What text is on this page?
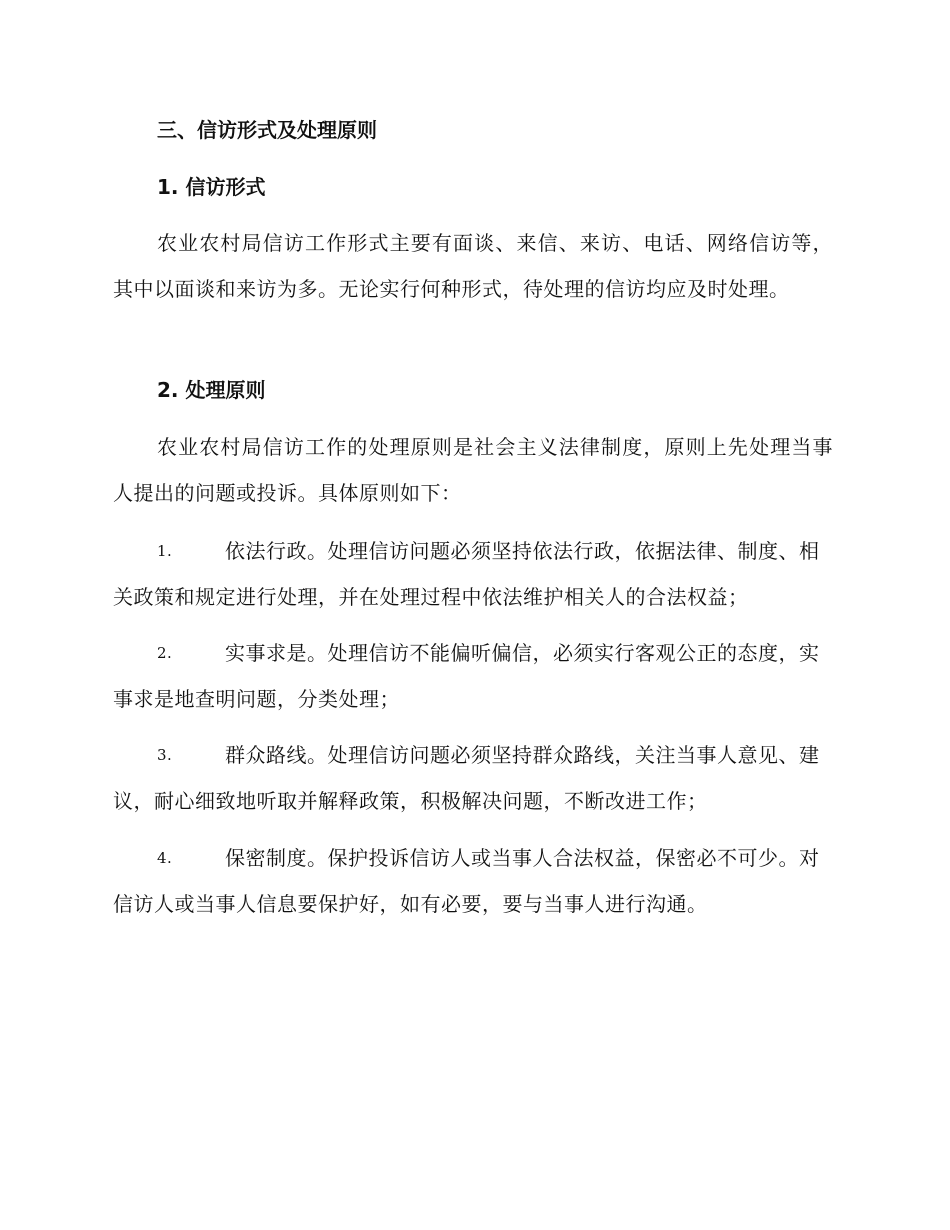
三、信访形式及处理原则
1. 信访形式
农业农村局信访工作形式主要有面谈、来信、来访、电话、网络信访等，其中以面谈和来访为多。无论实行何种形式，待处理的信访均应及时处理。
2. 处理原则
农业农村局信访工作的处理原则是社会主义法律制度，原则上先处理当事人提出的问题或投诉。具体原则如下：
1.	依法行政。处理信访问题必须坚持依法行政，依据法律、制度、相关政策和规定进行处理，并在处理过程中依法维护相关人的合法权益；
2.	实事求是。处理信访不能偏听偏信，必须实行客观公正的态度，实事求是地查明问题，分类处理；
3.	群众路线。处理信访问题必须坚持群众路线，关注当事人意见、建议，耐心细致地听取并解释政策，积极解决问题，不断改进工作；
4.	保密制度。保护投诉信访人或当事人合法权益，保密必不可少。对信访人或当事人信息要保护好，如有必要，要与当事人进行沟通。
